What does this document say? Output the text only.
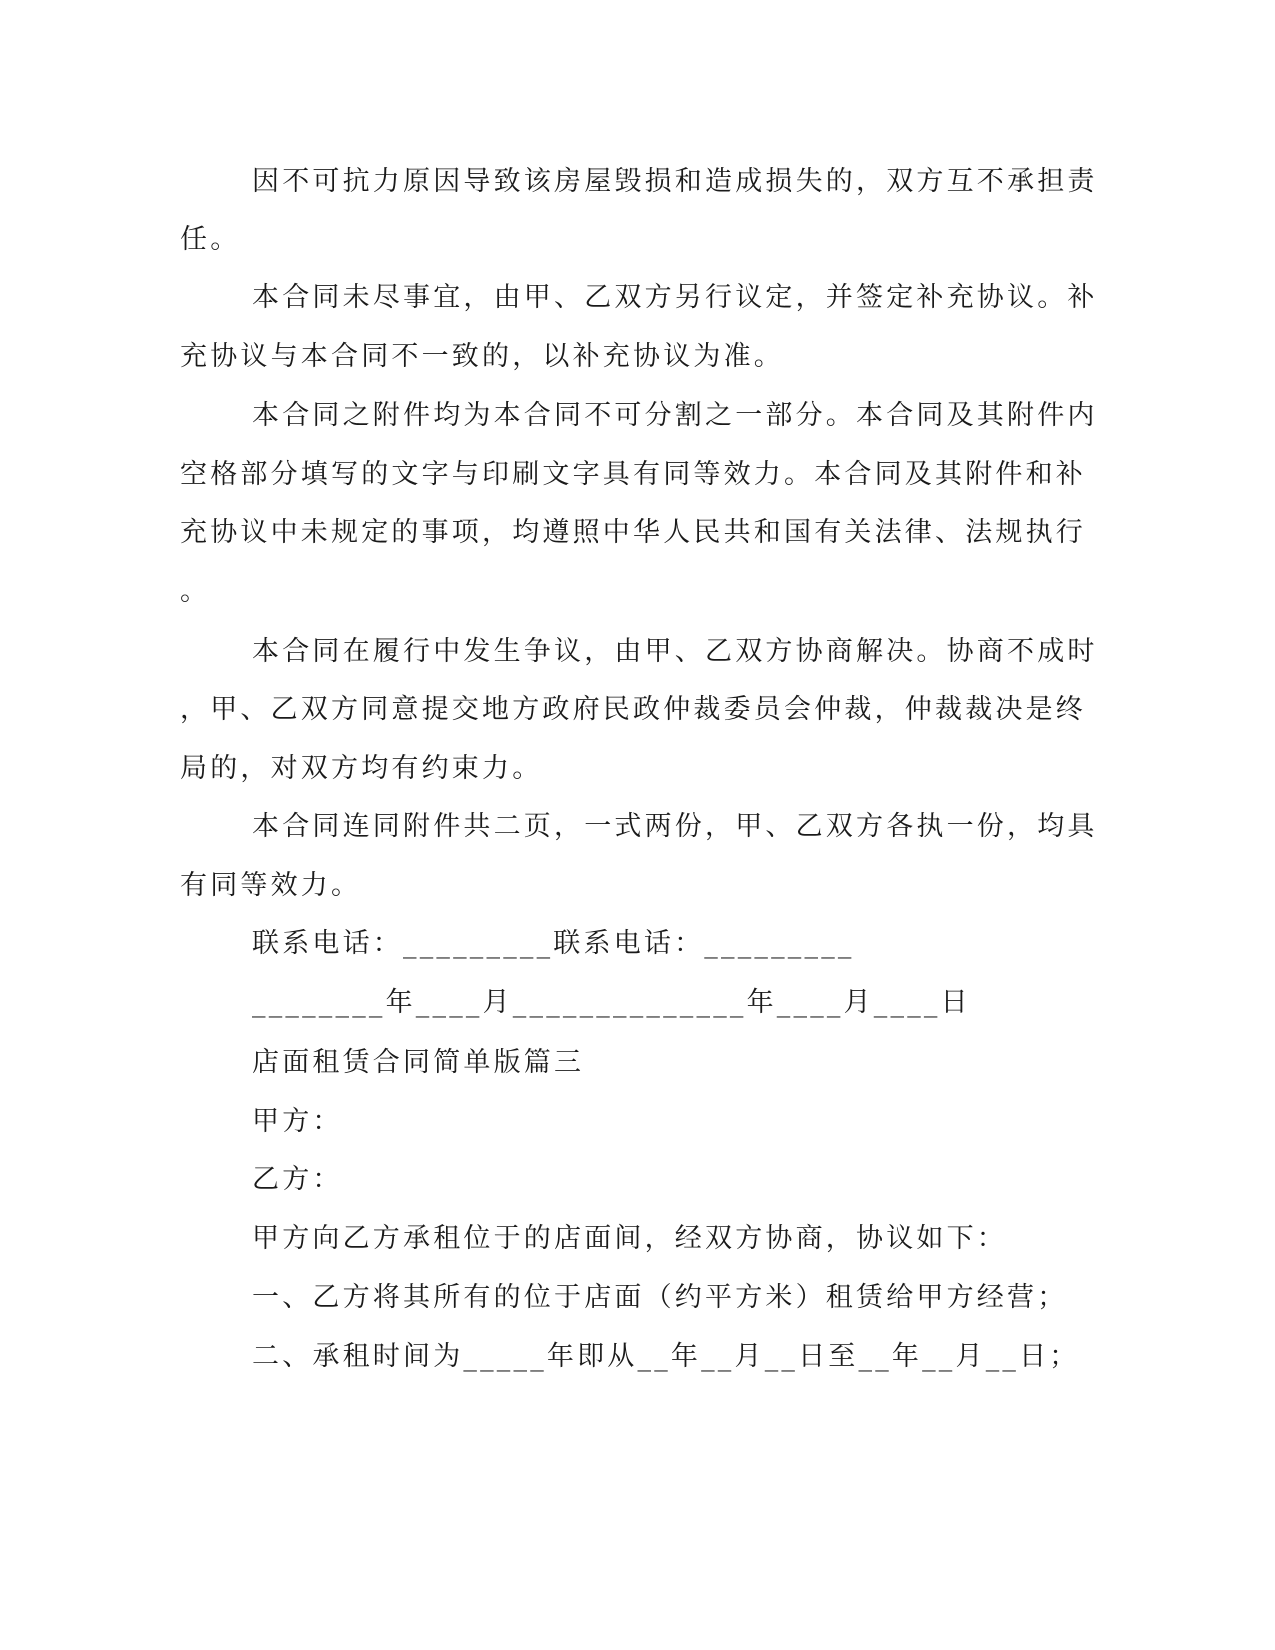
因不可抗力原因导致该房屋毁损和造成损失的，双方互不承担责
任。
本合同未尽事宜，由甲、乙双方另行议定，并签定补充协议。补
充协议与本合同不一致的，以补充协议为准。
本合同之附件均为本合同不可分割之一部分。本合同及其附件内
空格部分填写的文字与印刷文字具有同等效力。本合同及其附件和补
充协议中未规定的事项，均遵照中华人民共和国有关法律、法规执行
。
本合同在履行中发生争议，由甲、乙双方协商解决。协商不成时
，甲、乙双方同意提交地方政府民政仲裁委员会仲裁，仲裁裁决是终
局的，对双方均有约束力。
本合同连同附件共二页，一式两份，甲、乙双方各执一份，均具
有同等效力。
联系电话：_________联系电话：_________
________年____月______________年____月____日
店面租赁合同简单版篇三
甲方：
乙方：
甲方向乙方承租位于的店面间，经双方协商，协议如下：
一、乙方将其所有的位于店面（约平方米）租赁给甲方经营；
二、承租时间为_____年即从__年__月__日至__年__月__日；
